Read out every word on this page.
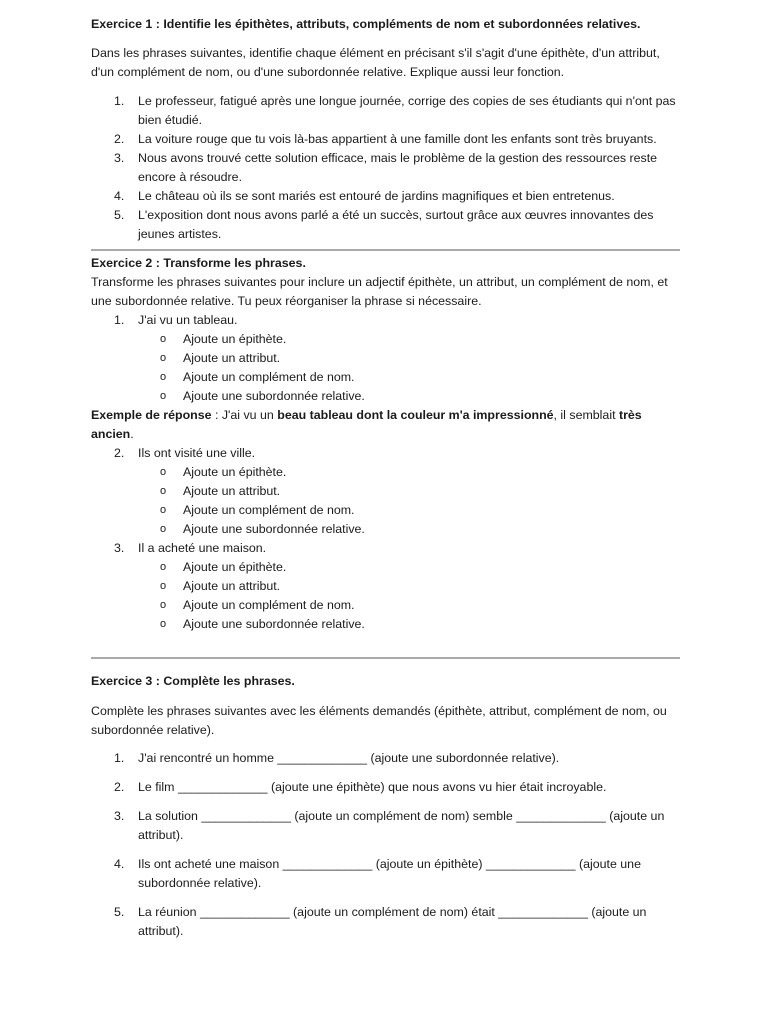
Exercice 1 : Identifie les épithètes, attributs, compléments de nom et subordonnées relatives.

Dans les phrases suivantes, identifie chaque élément en précisant s'il s'agit d'une épithète, d'un attribut, d'un complément de nom, ou d'une subordonnée relative. Explique aussi leur fonction.

1. Le professeur, fatigué après une longue journée, corrige des copies de ses étudiants qui n'ont pas bien étudié.
2. La voiture rouge que tu vois là-bas appartient à une famille dont les enfants sont très bruyants.
3. Nous avons trouvé cette solution efficace, mais le problème de la gestion des ressources reste encore à résoudre.
4. Le château où ils se sont mariés est entouré de jardins magnifiques et bien entretenus.
5. L'exposition dont nous avons parlé a été un succès, surtout grâce aux œuvres innovantes des jeunes artistes.

Exercice 2 : Transforme les phrases.

Transforme les phrases suivantes pour inclure un adjectif épithète, un attribut, un complément de nom, et une subordonnée relative. Tu peux réorganiser la phrase si nécessaire.

1. J'ai vu un tableau.
o Ajoute un épithète.
o Ajoute un attribut.
o Ajoute un complément de nom.
o Ajoute une subordonnée relative.

Exemple de réponse : J'ai vu un beau tableau dont la couleur m'a impressionné, il semblait très ancien.

2. Ils ont visité une ville.
o Ajoute un épithète.
o Ajoute un attribut.
o Ajoute un complément de nom.
o Ajoute une subordonnée relative.
3. Il a acheté une maison.
o Ajoute un épithète.
o Ajoute un attribut.
o Ajoute un complément de nom.
o Ajoute une subordonnée relative.

Exercice 3 : Complète les phrases.

Complète les phrases suivantes avec les éléments demandés (épithète, attribut, complément de nom, ou subordonnée relative).

1. J'ai rencontré un homme _____________ (ajoute une subordonnée relative).
2. Le film _____________ (ajoute une épithète) que nous avons vu hier était incroyable.
3. La solution _____________ (ajoute un complément de nom) semble _____________ (ajoute un attribut).
4. Ils ont acheté une maison _____________ (ajoute un épithète) _____________ (ajoute une subordonnée relative).
5. La réunion _____________ (ajoute un complément de nom) était _____________ (ajoute un attribut).
